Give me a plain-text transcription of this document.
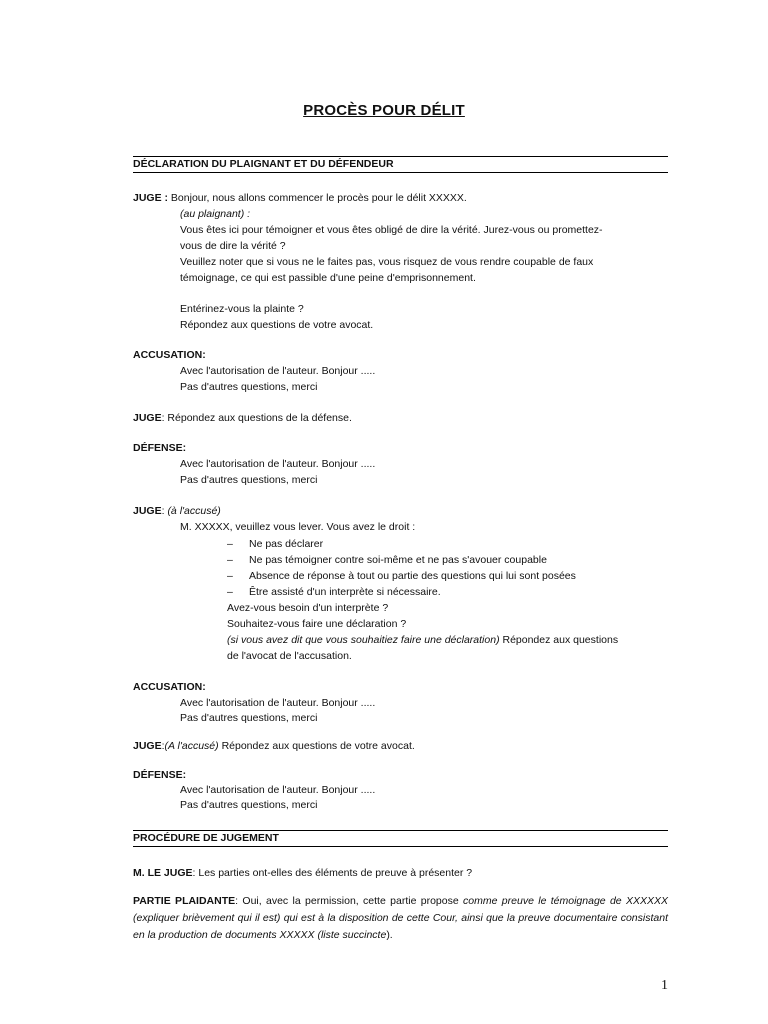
PROCÈS POUR DÉLIT
DÉCLARATION DU PLAIGNANT ET DU DÉFENDEUR
JUGE : Bonjour, nous allons commencer le procès pour le délit XXXXX.
(au plaignant) :
Vous êtes ici pour témoigner et vous êtes obligé de dire la vérité. Jurez-vous ou promettez-
vous de dire la vérité ?
Veuillez noter que si vous ne le faites pas, vous risquez de vous rendre coupable de faux
témoignage, ce qui est passible d'une peine d'emprisonnement.
Entérinez-vous la plainte ?
Répondez aux questions de votre avocat.
ACCUSATION:
Avec l'autorisation de l'auteur. Bonjour .....
Pas d'autres questions, merci
JUGE: Répondez aux questions de la défense.
DÉFENSE:
Avec l'autorisation de l'auteur. Bonjour .....
Pas d'autres questions, merci
JUGE: (à l'accusé)
M. XXXXX, veuillez vous lever. Vous avez le droit :
– Ne pas déclarer
– Ne pas témoigner contre soi-même et ne pas s'avouer coupable
– Absence de réponse à tout ou partie des questions qui lui sont posées
– Être assisté d'un interprète si nécessaire.
Avez-vous besoin d'un interprète ?
Souhaitez-vous faire une déclaration ?
(si vous avez dit que vous souhaitiez faire une déclaration) Répondez aux questions
de l'avocat de l'accusation.
ACCUSATION:
Avec l'autorisation de l'auteur. Bonjour .....
Pas d'autres questions, merci
JUGE:(A l'accusé) Répondez aux questions de votre avocat.
DÉFENSE:
Avec l'autorisation de l'auteur. Bonjour .....
Pas d'autres questions, merci
PROCÉDURE DE JUGEMENT
M. LE JUGE: Les parties ont-elles des éléments de preuve à présenter ?
PARTIE PLAIDANTE: Oui, avec la permission, cette partie propose comme preuve le témoignage de XXXXXX (expliquer brièvement qui il est) qui est à la disposition de cette Cour, ainsi que la preuve documentaire consistant en la production de documents XXXXX (liste succincte).
1
